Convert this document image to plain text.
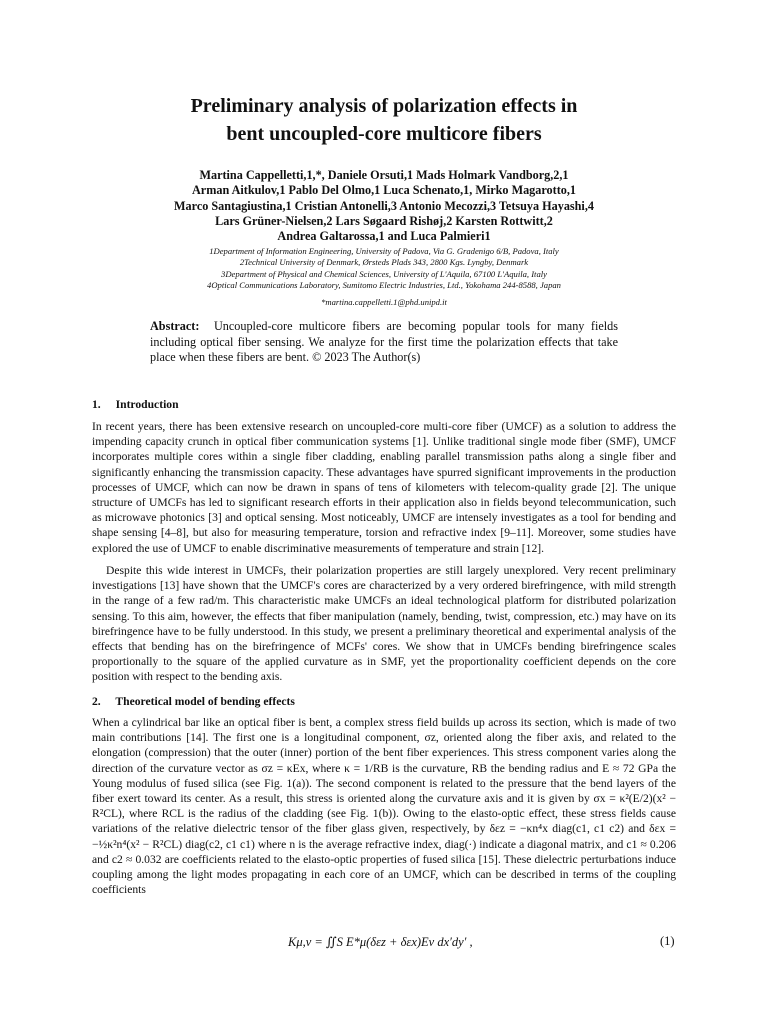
Preliminary analysis of polarization effects in
bent uncoupled-core multicore fibers
Martina Cappelletti,1,*, Daniele Orsuti,1 Mads Holmark Vandborg,2,1
Arman Aitkulov,1 Pablo Del Olmo,1 Luca Schenato,1, Mirko Magarotto,1
Marco Santagiustina,1 Cristian Antonelli,3 Antonio Mecozzi,3 Tetsuya Hayashi,4
Lars Grüner-Nielsen,2 Lars Søgaard Rishøj,2 Karsten Rottwitt,2
Andrea Galtarossa,1 and Luca Palmieri1
1Department of Information Engineering, University of Padova, Via G. Gradenigo 6/B, Padova, Italy
2Technical University of Denmark, Ørsteds Plads 343, 2800 Kgs. Lyngby, Denmark
3Department of Physical and Chemical Sciences, University of L'Aquila, 67100 L'Aquila, Italy
4Optical Communications Laboratory, Sumitomo Electric Industries, Ltd., Yokohama 244-8588, Japan
*martina.cappelletti.1@phd.unipd.it
Abstract: Uncoupled-core multicore fibers are becoming popular tools for many fields including optical fiber sensing. We analyze for the first time the polarization effects that take place when these fibers are bent. © 2023 The Author(s)
1. Introduction

In recent years, there has been extensive research on uncoupled-core multi-core fiber (UMCF) as a solution to address the impending capacity crunch in optical fiber communication systems [1]. Unlike traditional single mode fiber (SMF), UMCF incorporates multiple cores within a single fiber cladding, enabling parallel transmission paths along a single fiber and significantly enhancing the transmission capacity. These advantages have spurred significant improvements in the production processes of UMCF, which can now be drawn in spans of tens of kilometers with telecom-quality grade [2]. The unique structure of UMCFs has led to significant research efforts in their application also in fields beyond telecommunication, such as microwave photonics [3] and optical sensing. Most noticeably, UMCF are intensely investigates as a tool for bending and shape sensing [4–8], but also for measuring temperature, torsion and refractive index [9–11]. Moreover, some studies have explored the use of UMCF to enable discriminative measurements of temperature and strain [12].

Despite this wide interest in UMCFs, their polarization properties are still largely unexplored. Very recent preliminary investigations [13] have shown that the UMCF's cores are characterized by a very ordered birefringence, with mild strength in the range of a few rad/m. This characteristic make UMCFs an ideal technological platform for distributed polarization sensing. To this aim, however, the effects that fiber manipulation (namely, bending, twist, compression, etc.) may have on its birefringence have to be fully understood. In this study, we present a preliminary theoretical and experimental analysis of the effects that bending has on the birefringence of MCFs' cores. We show that in UMCFs bending birefringence scales proportionally to the square of the applied curvature as in SMF, yet the proportionality coefficient depends on the core position with respect to the bending axis.

2. Theoretical model of bending effects

When a cylindrical bar like an optical fiber is bent, a complex stress field builds up across its section, which is made of two main contributions [14]. The first one is a longitudinal component, σz, oriented along the fiber axis, and related to the elongation (compression) that the outer (inner) portion of the bent fiber experiences. This stress component varies along the direction of the curvature vector as σz = κEx, where κ = 1/RB is the curvature, RB the bending radius and E ≈ 72 GPa the Young modulus of fused silica (see Fig. 1(a)). The second component is related to the pressure that the bend layers of the fiber exert toward its center. As a result, this stress is oriented along the curvature axis and it is given by σx = κ²(E/2)(x² − R²CL), where RCL is the radius of the cladding (see Fig. 1(b)). Owing to the elasto-optic effect, these stress fields cause variations of the relative dielectric tensor of the fiber glass given, respectively, by δεz = −κn⁴x diag(c1, c1 c2) and δεx = −½κ²n⁴(x² − R²CL) diag(c2, c1 c1) where n is the average refractive index, diag(·) indicate a diagonal matrix, and c1 ≈ 0.206 and c2 ≈ 0.032 are coefficients related to the elasto-optic properties of fused silica [15]. These dielectric perturbations induce coupling among the light modes propagating in each core of an UMCF, which can be described in terms of the coupling coefficients

Kμ,ν = ∬S E*μ(δεz + δεx)Eν dx′dy′ ,	(1)
